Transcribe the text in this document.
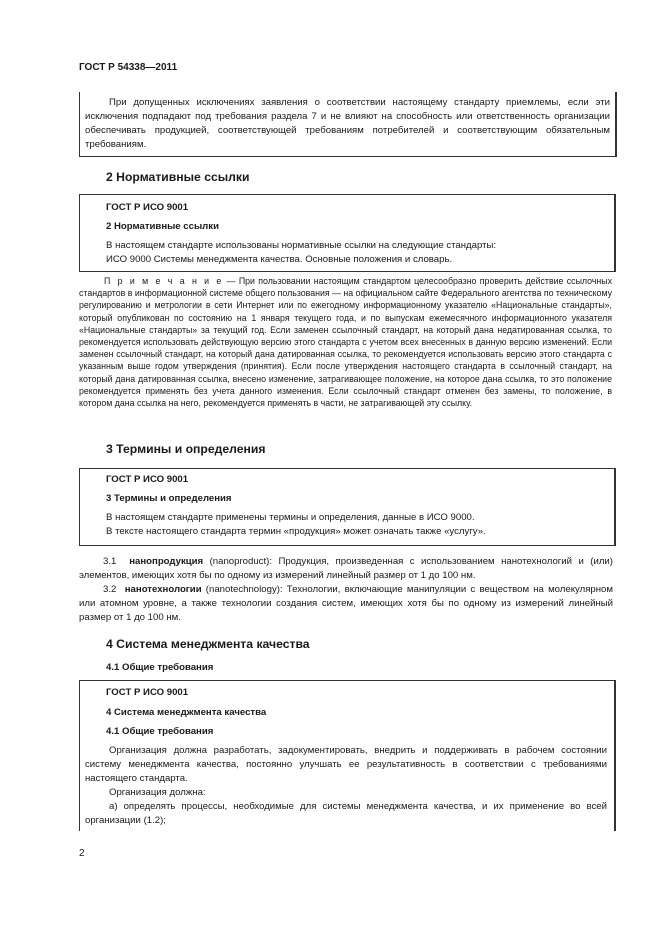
ГОСТ Р 54338—2011

При допущенных исключениях заявления о соответствии настоящему стандарту приемлемы, если эти исключения подпадают под требования раздела 7 и не влияют на способность или ответственность организации обеспечивать продукцией, соответствующей требованиям потребителей и соответствующим обязательным требованиям.

2 Нормативные ссылки
ГОСТ Р ИСО 9001
2 Нормативные ссылки
В настоящем стандарте использованы нормативные ссылки на следующие стандарты:
ИСО 9000 Системы менеджмента качества. Основные положения и словарь.

П р и м е ч а н и е — При пользовании настоящим стандартом целесообразно проверить действие ссылочных стандартов в информационной системе общего пользования — на официальном сайте Федерального агентства по техническому регулированию и метрологии в сети Интернет или по ежегодному информационному указателю «Национальные стандарты», который опубликован по состоянию на 1 января текущего года, и по выпускам ежемесячного информационного указателя «Национальные стандарты» за текущий год. Если заменен ссылочный стандарт, на который дана недатированная ссылка, то рекомендуется использовать действующую версию этого стандарта с учетом всех внесенных в данную версию изменений. Если заменен ссылочный стандарт, на который дана датированная ссылка, то рекомендуется использовать версию этого стандарта с указанным выше годом утверждения (принятия). Если после утверждения настоящего стандарта в ссылочный стандарт, на который дана датированная ссылка, внесено изменение, затрагивающее положение, на которое дана ссылка, то это положение рекомендуется применять без учета данного изменения. Если ссылочный стандарт отменен без замены, то положение, в котором дана ссылка на него, рекомендуется применять в части, не затрагивающей эту ссылку.

3 Термины и определения
ГОСТ Р ИСО 9001
3 Термины и определения
В настоящем стандарте применены термины и определения, данные в ИСО 9000.
В тексте настоящего стандарта термин «продукция» может означать также «услугу».

3.1 нанопродукция (nanoproduct): Продукция, произведенная с использованием нанотехнологий и (или) элементов, имеющих хотя бы по одному из измерений линейный размер от 1 до 100 нм.

3.2 нанотехнологии (nanotechnology): Технологии, включающие манипуляции с веществом на молекулярном или атомном уровне, а также технологии создания систем, имеющих хотя бы по одному из измерений линейный размер от 1 до 100 нм.

4 Система менеджмента качества
4.1 Общие требования
ГОСТ Р ИСО 9001
4 Система менеджмента качества
4.1 Общие требования

Организация должна разработать, задокументировать, внедрить и поддерживать в рабочем состоянии систему менеджмента качества, постоянно улучшать ее результативность в соответствии с требованиями настоящего стандарта.

Организация должна:

а) определять процессы, необходимые для системы менеджмента качества, и их применение во всей организации (1.2);

2
